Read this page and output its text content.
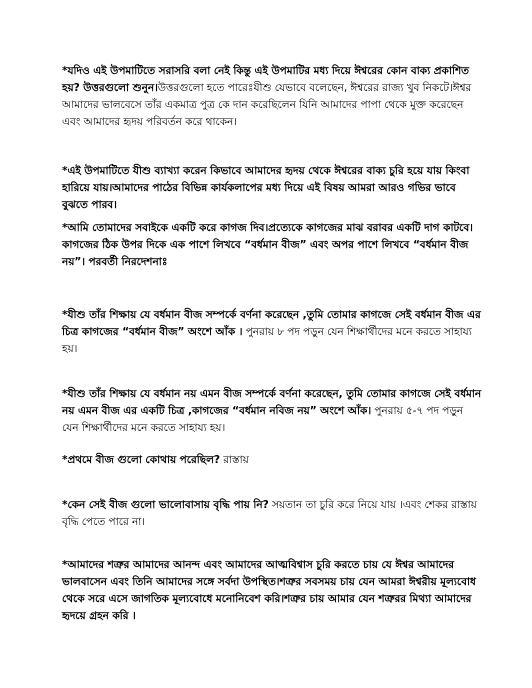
*যদিও এই উপমাটিতে সরাসরি বলা নেই কিন্তু এই উপমাটির মধ্য দিয়ে ঈশ্বরের কোন বাক্য প্রকাশিত হয়? উত্তরগুলো শুনুন।উত্তরগুলো হতে পারেঃযীশু যেভাবে বলেছেন, ঈশ্বরের রাজ্য খুব নিকটে।ঈশ্বর আমাদের ভালবেসে তাঁর একমাত্র পুত্র কে দান করেছিলেন যিনি আমাদের পাপা থেকে মুক্ত করেছেন এবং আমাদের হৃদয় পরিবর্তন করে থাকেন।

*এই উপমাটিতে যীশু ব্যাখ্যা করেন কিভাবে আমাদের হৃদয় থেকে ঈশ্বরের বাক্য চুরি হয়ে যায় কিংবা হারিয়ে যায়।আমাদের পাঠের বিভিন্ন কার্যকলাপের মধ্য দিয়ে এই বিষয় আমরা আরও গভির ভাবে বুঝতে পারব।

*আমি তোমাদের সবাইকে একটি করে কাগজ দিব।প্রত্যেকে কাগজের মাঝ বরাবর একটি দাগ কাটবে। কাগজের ঠিক উপর দিকে এক পাশে লিখবে “বর্ধমান বীজ” এবং অপর পাশে লিখবে “বর্ধমান বীজ নয়”। পরবর্তী নিরদেশনাঃ

*যীশু তাঁর শিক্ষায় যে বর্ধমান বীজ সম্পর্কে বর্ণনা করেছেন ,তুমি তোমার কাগজে সেই বর্ধমান বীজ এর চিত্র কাগজের “বর্ধমান বীজ” অংশে আঁক । পুনরায় ৮ পদ পড়ুন যেন শিক্ষার্থীদের মনে করতে সাহায্য হয়।

*যীশু তাঁর শিক্ষায় যে বর্ধমান নয় এমন বীজ সম্পর্কে বর্ণনা করেছেন, তুমি তোমার কাগজে সেই বর্ধমান নয় এমন বীজ এর একটি চিত্র ,কাগজের “বর্ধমান নবিজ নয়” অংশে আঁক। পুনরায় ৫-৭ পদ পড়ুন যেন শিক্ষার্থীদের মনে করতে সাহায্য হয়।

*প্রথমে বীজ গুলো কোথায় পরেছিল? রাস্তায়

*কেন সেই বীজ গুলো ভালোবাসায় বৃদ্ধি পায় নি? সয়তান তা চুরি করে নিয়ে যায় ।এবং শেকর রাস্তায় বৃদ্ধি পেতে পারে না।

*আমাদের শত্রুর আমাদের আনন্দ এবং আমাদের আত্মবিশ্বাস চুরি করতে চায় যে ঈশ্বর আমাদের ভালবাসেন এবং তিনি আমাদের সঙ্গে সর্বদা উপস্থিত।শত্রুর সবসময় চায় যেন আমরা ঈশ্বরীয় মূল্যবোধ থেকে সরে এসে জাগতিক মূল্যবোধে মনোনিবেশ করি।শত্রুর চায় আমার যেন শত্রুরর মিথ্যা আমাদের হৃদয়ে গ্রহন করি ।
